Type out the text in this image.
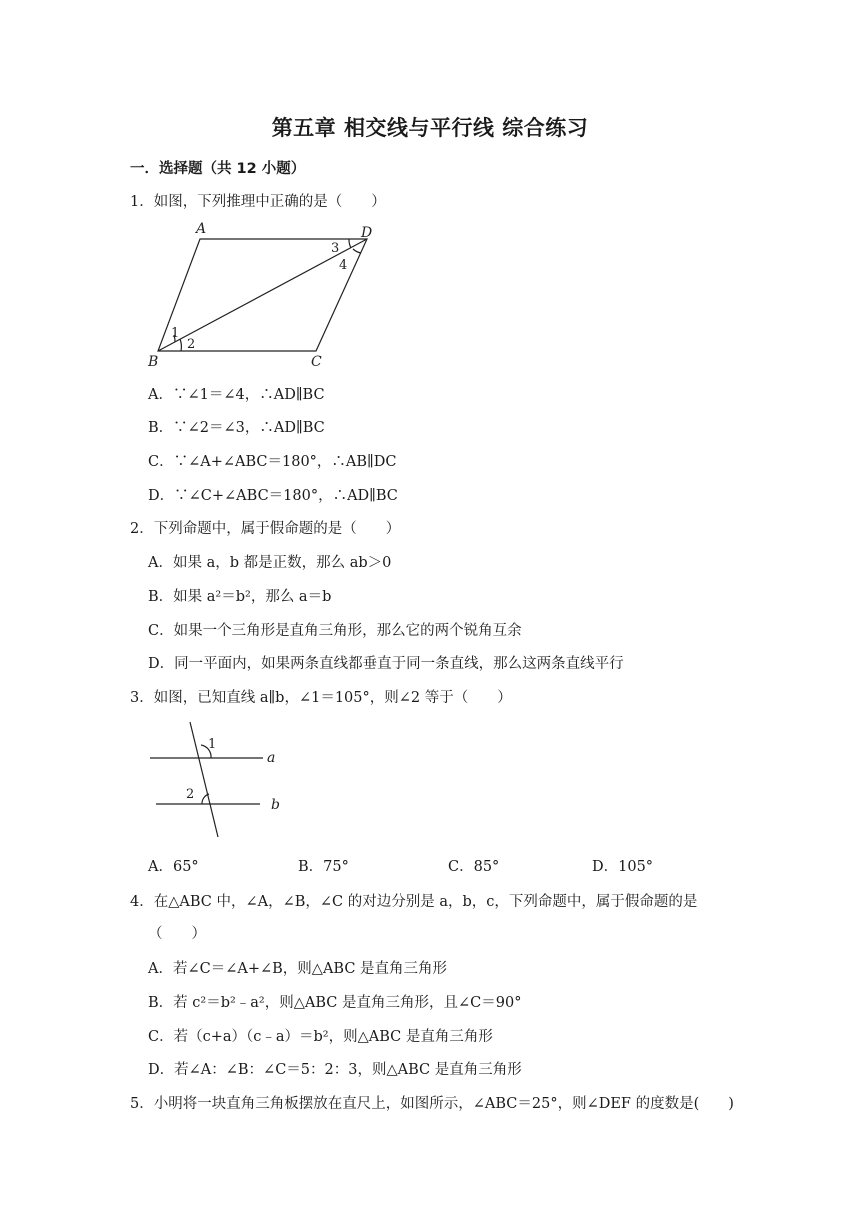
第五章 相交线与平行线 综合练习
一．选择题（共 12 小题）
1．如图，下列推理中正确的是（　　）
A	D
B	C
1
2
3
4
A．∵∠1＝∠4，∴AD∥BC
B．∵∠2＝∠3，∴AD∥BC
C．∵∠A+∠ABC＝180°，∴AB∥DC
D．∵∠C+∠ABC＝180°，∴AD∥BC
2．下列命题中，属于假命题的是（　　）
A．如果 a，b 都是正数，那么 ab＞0
B．如果 a²＝b²，那么 a＝b
C．如果一个三角形是直角三角形，那么它的两个锐角互余
D．同一平面内，如果两条直线都垂直于同一条直线，那么这两条直线平行
3．如图，已知直线 a∥b，∠1＝105°，则∠2 等于（　　）
1
2
a
b
A．65°	B．75°	C．85°	D．105°
4．在△ABC 中，∠A，∠B，∠C 的对边分别是 a，b，c，下列命题中，属于假命题的是
（　　）
A．若∠C＝∠A+∠B，则△ABC 是直角三角形
B．若 c²＝b²﹣a²，则△ABC 是直角三角形，且∠C＝90°
C．若（c+a）（c﹣a）＝b²，则△ABC 是直角三角形
D．若∠A：∠B：∠C＝5：2：3，则△ABC 是直角三角形
5．小明将一块直角三角板摆放在直尺上，如图所示，∠ABC＝25°，则∠DEF 的度数是(　　)
